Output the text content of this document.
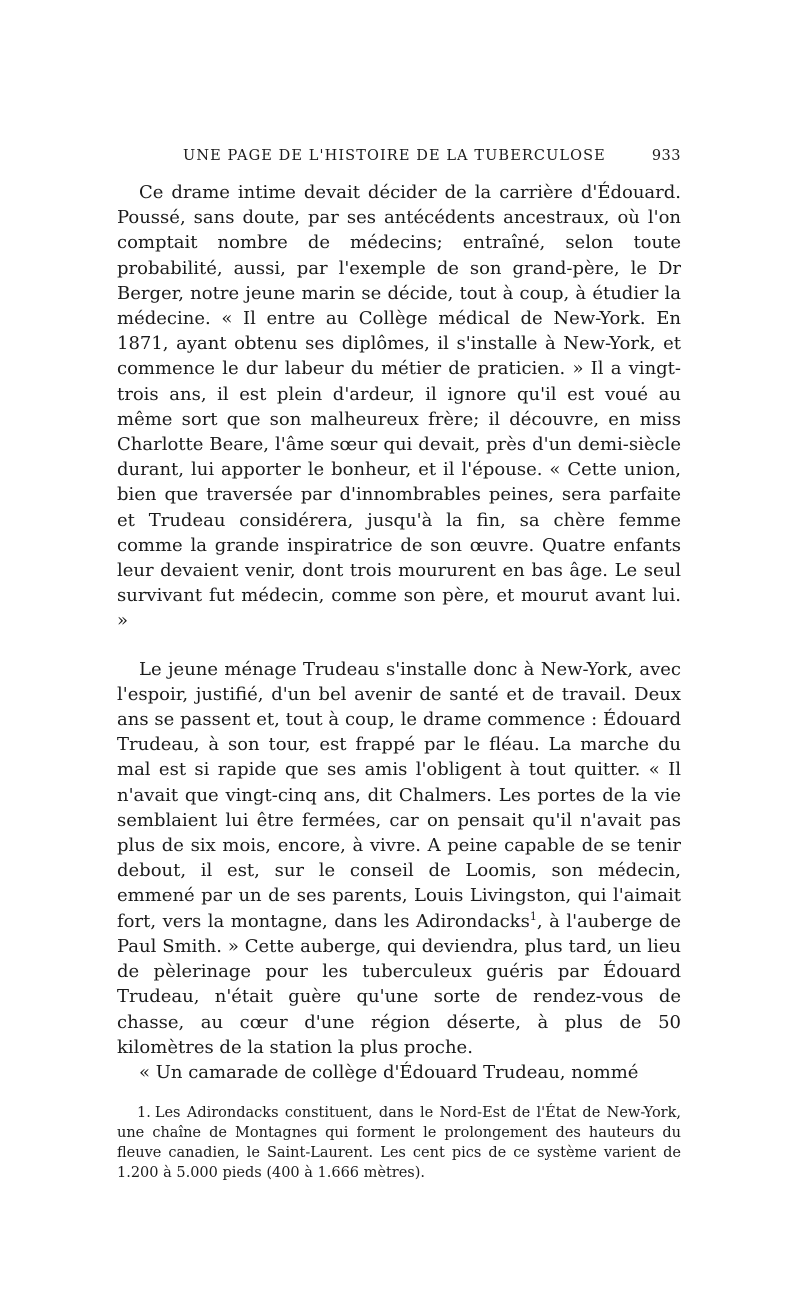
UNE PAGE DE L'HISTOIRE DE LA TUBERCULOSE	933

Ce drame intime devait décider de la carrière d'Édouard. Poussé, sans doute, par ses antécédents ancestraux, où l'on comptait nombre de médecins; entraîné, selon toute probabilité, aussi, par l'exemple de son grand-père, le Dr Berger, notre jeune marin se décide, tout à coup, à étudier la médecine. « Il entre au Collège médical de New-York. En 1871, ayant obtenu ses diplômes, il s'installe à New-York, et commence le dur labeur du métier de praticien. » Il a vingt-trois ans, il est plein d'ardeur, il ignore qu'il est voué au même sort que son malheureux frère; il découvre, en miss Charlotte Beare, l'âme sœur qui devait, près d'un demi-siècle durant, lui apporter le bonheur, et il l'épouse. « Cette union, bien que traversée par d'innombrables peines, sera parfaite et Trudeau considérera, jusqu'à la fin, sa chère femme comme la grande inspiratrice de son œuvre. Quatre enfants leur devaient venir, dont trois moururent en bas âge. Le seul survivant fut médecin, comme son père, et mourut avant lui. »

Le jeune ménage Trudeau s'installe donc à New-York, avec l'espoir, justifié, d'un bel avenir de santé et de travail. Deux ans se passent et, tout à coup, le drame commence : Édouard Trudeau, à son tour, est frappé par le fléau. La marche du mal est si rapide que ses amis l'obligent à tout quitter. « Il n'avait que vingt-cinq ans, dit Chalmers. Les portes de la vie semblaient lui être fermées, car on pensait qu'il n'avait pas plus de six mois, encore, à vivre. A peine capable de se tenir debout, il est, sur le conseil de Loomis, son médecin, emmené par un de ses parents, Louis Livingston, qui l'aimait fort, vers la montagne, dans les Adirondacks$^1$, à l'auberge de Paul Smith. » Cette auberge, qui deviendra, plus tard, un lieu de pèlerinage pour les tuberculeux guéris par Édouard Trudeau, n'était guère qu'une sorte de rendez-vous de chasse, au cœur d'une région déserte, à plus de 50 kilomètres de la station la plus proche.

« Un camarade de collège d'Édouard Trudeau, nommé

1. Les Adirondacks constituent, dans le Nord-Est de l'État de New-York, une chaîne de Montagnes qui forment le prolongement des hauteurs du fleuve canadien, le Saint-Laurent. Les cent pics de ce système varient de 1.200 à 5.000 pieds (400 à 1.666 mètres).
